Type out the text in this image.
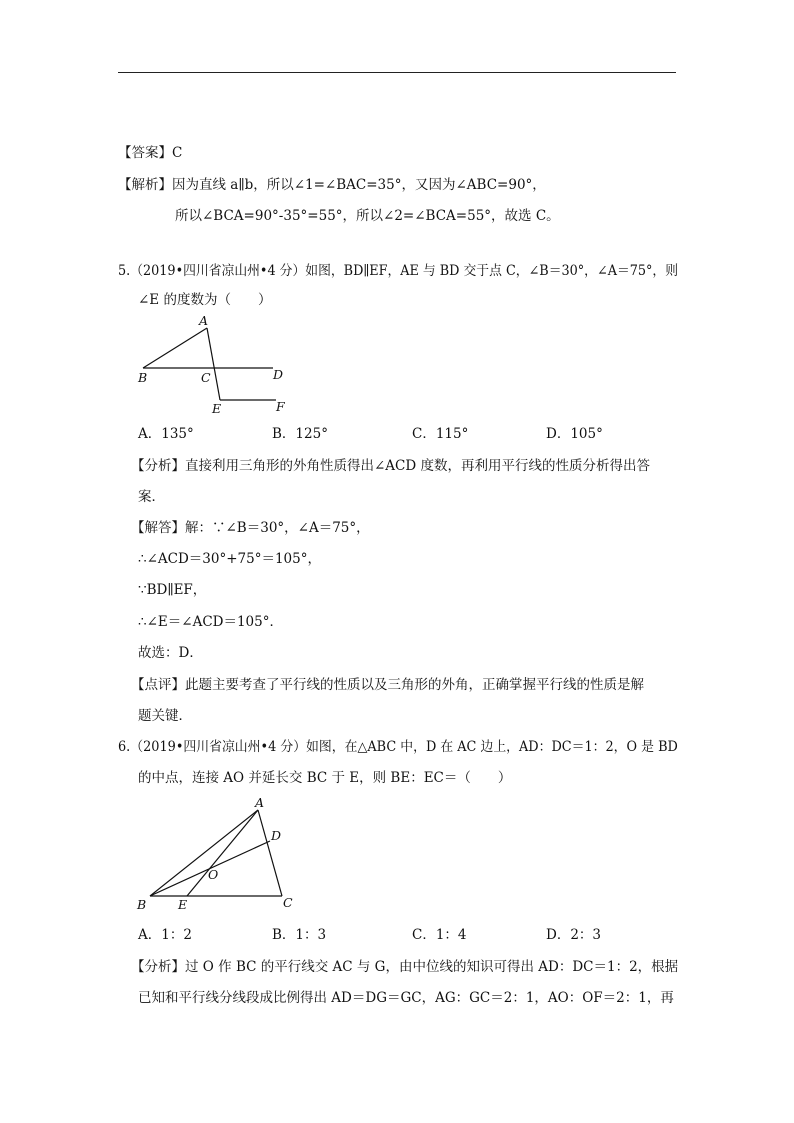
【答案】C
【解析】因为直线 a∥b，所以∠1=∠BAC=35°，又因为∠ABC=90°，
所以∠BCA=90°-35°=55°，所以∠2=∠BCA=55°，故选 C。
5.（2019•四川省凉山州•4 分）如图，BD∥EF，AE 与 BD 交于点 C，∠B＝30°，∠A＝75°，则
∠E 的度数为（　　）
A
B	C	D
E	F
A．135°	B．125°	C．115°	D．105°
【分析】直接利用三角形的外角性质得出∠ACD 度数，再利用平行线的性质分析得出答
案．
【解答】解：∵∠B＝30°，∠A＝75°，
∴∠ACD＝30°+75°＝105°，
∵BD∥EF，
∴∠E＝∠ACD＝105°．
故选：D．
【点评】此题主要考查了平行线的性质以及三角形的外角，正确掌握平行线的性质是解
题关键．
6.（2019•四川省凉山州•4 分）如图，在△ABC 中，D 在 AC 边上，AD：DC＝1：2，O 是 BD
的中点，连接 AO 并延长交 BC 于 E，则 BE：EC＝（　　）
A
D
O
B	E	C
A．1：2	B．1：3	C．1：4	D．2：3
【分析】过 O 作 BC 的平行线交 AC 与 G，由中位线的知识可得出 AD：DC＝1：2，根据
已知和平行线分线段成比例得出 AD＝DG＝GC，AG：GC＝2：1，AO：OF＝2：1，再
